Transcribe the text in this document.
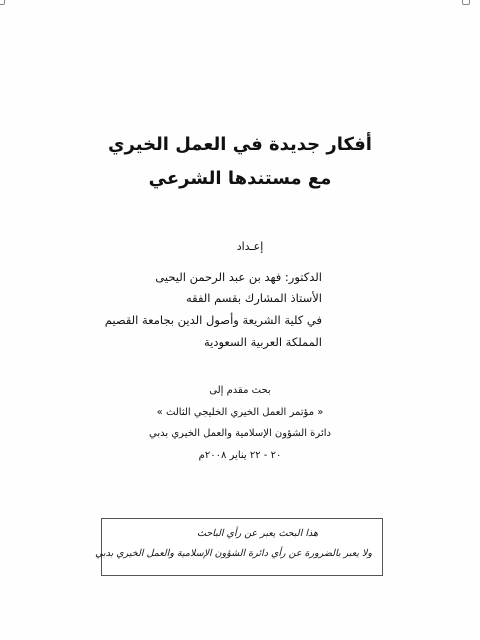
أفكار جديدة في العمل الخيري
مع مستندها الشرعي
إعـداد
الدكتور: فهد بن عبد الرحمن اليحيى
الأستاذ المشارك بقسم الفقه
في كلية الشريعة وأصول الدين بجامعة القصيم
المملكة العربية السعودية
بحث مقدم إلى
« مؤتمر العمل الخيري الخليجي الثالث »
دائرة الشؤون الإسلامية والعمل الخيري بدبي
٢٠ - ٢٢ يناير ٢٠٠٨م
هذا البحث يعبر عن رأي الباحث
ولا يعبر بالضرورة عن رأي دائرة الشؤون الإسلامية والعمل الخيري بدبي
